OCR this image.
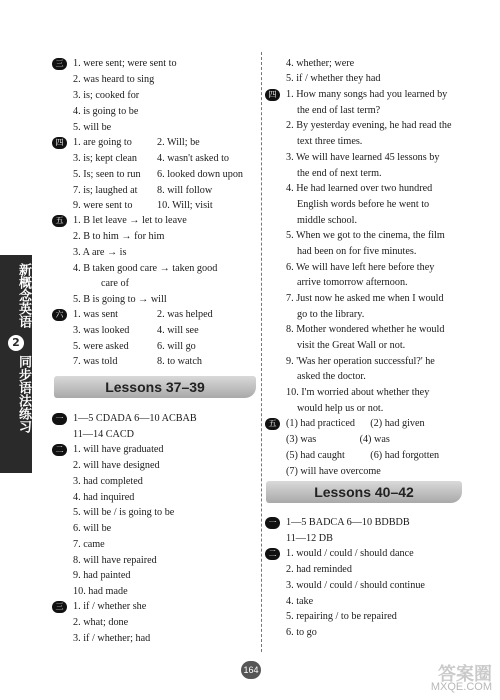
新概念英语
2
同步语法练习
三 1. were sent; were sent to
2. was heard to sing
3. is; cooked for
4. is going to be
5. will be
四 1. are going to 2. Will; be
3. is; kept clean 4. wasn't asked to
5. Is; seen to run 6. looked down upon
7. is; laughed at 8. will follow
9. were sent to 10. Will; visit
五 1. B let leave → let to leave
2. B to him → for him
3. A are → is
4. B taken good care → taken good
care of
5. B is going to → will
六 1. was sent	2. was helped
3. was looked	4. will see
5. were asked	6. will go
7. was told	8. to watch
Lessons 37–39
一 1—5 CDADA 6—10 ACBAB
11—14 CACD
二 1. will have graduated
2. will have designed
3. had completed
4. had inquired
5. will be / is going to be
6. will be
7. came
8. will have repaired
9. had painted
10. had made
三 1. if / whether she
2. what; done
3. if / whether; had
4. whether; were
5. if / whether they had
四 1. How many songs had you learned by
the end of last term?
2. By yesterday evening, he had read the
text three times.
3. We will have learned 45 lessons by
the end of next term.
4. He had learned over two hundred
English words before he went to
middle school.
5. When we got to the cinema, the film
had been on for five minutes.
6. We will have left here before they
arrive tomorrow afternoon.
7. Just now he asked me when I would
go to the library.
8. Mother wondered whether he would
visit the Great Wall or not.
9. 'Was her operation successful?' he
asked the doctor.
10. I'm worried about whether they
would help us or not.
五 (1) had practiced      (2) had given
(3) was                 (4) was
(5) had caught          (6) had forgotten
(7) will have overcome
Lessons 40–42
一 1—5 BADCA 6—10 BDBDB
11—12 DB
二 1. would / could / should dance
2. had reminded
3. would / could / should continue
4. take
5. repairing / to be repaired
6. to go
164	答案圈
MXQE.COM
